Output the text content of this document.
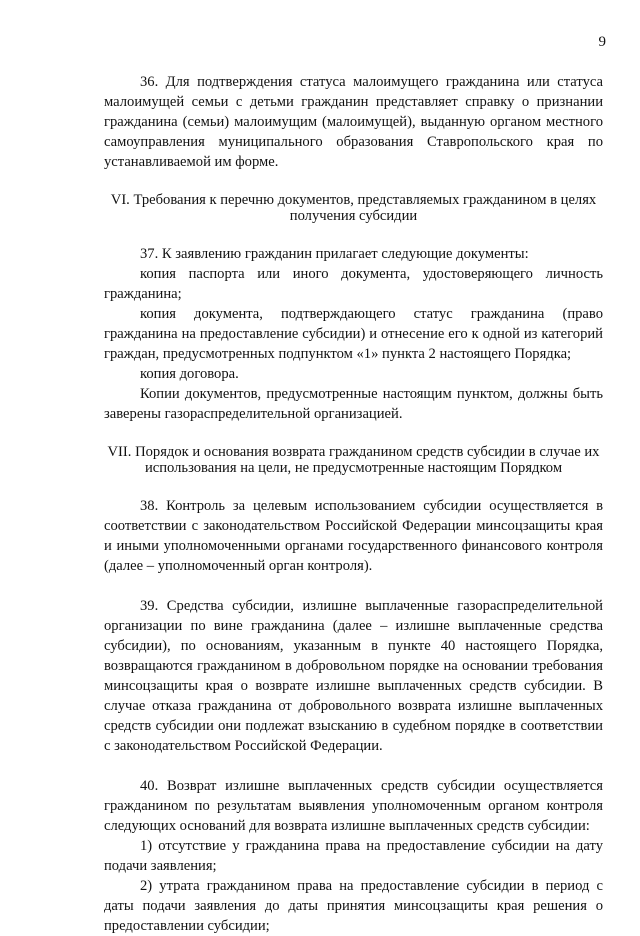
9

36. Для подтверждения статуса малоимущего гражданина или статуса малоимущей семьи с детьми гражданин представляет справку о признании гражданина (семьи) малоимущим (малоимущей), выданную органом местного самоуправления муниципального образования Ставропольского края по устанавливаемой им форме.

VI. Требования к перечню документов, представляемых гражданином в целях получения субсидии

37. К заявлению гражданин прилагает следующие документы:

копия паспорта или иного документа, удостоверяющего личность гражданина;

копия документа, подтверждающего статус гражданина (право гражданина на предоставление субсидии) и отнесение его к одной из категорий граждан, предусмотренных подпунктом «1» пункта 2 настоящего Порядка;

копия договора.

Копии документов, предусмотренные настоящим пунктом, должны быть заверены газораспределительной организацией.

VII. Порядок и основания возврата гражданином средств субсидии в случае их использования на цели, не предусмотренные настоящим Порядком

38. Контроль за целевым использованием субсидии осуществляется в соответствии с законодательством Российской Федерации минсоцзащиты края и иными уполномоченными органами государственного финансового контроля (далее – уполномоченный орган контроля).

39. Средства субсидии, излишне выплаченные газораспределительной организации по вине гражданина (далее – излишне выплаченные средства субсидии), по основаниям, указанным в пункте 40 настоящего Порядка, возвращаются гражданином в добровольном порядке на основании требования минсоцзащиты края о возврате излишне выплаченных средств субсидии. В случае отказа гражданина от добровольного возврата излишне выплаченных средств субсидии они подлежат взысканию в судебном порядке в соответствии с законодательством Российской Федерации.

40. Возврат излишне выплаченных средств субсидии осуществляется гражданином по результатам выявления уполномоченным органом контроля следующих оснований для возврата излишне выплаченных средств субсидии:

1) отсутствие у гражданина права на предоставление субсидии на дату подачи заявления;

2) утрата гражданином права на предоставление субсидии в период с даты подачи заявления до даты принятия минсоцзащиты края решения о предоставлении субсидии;
